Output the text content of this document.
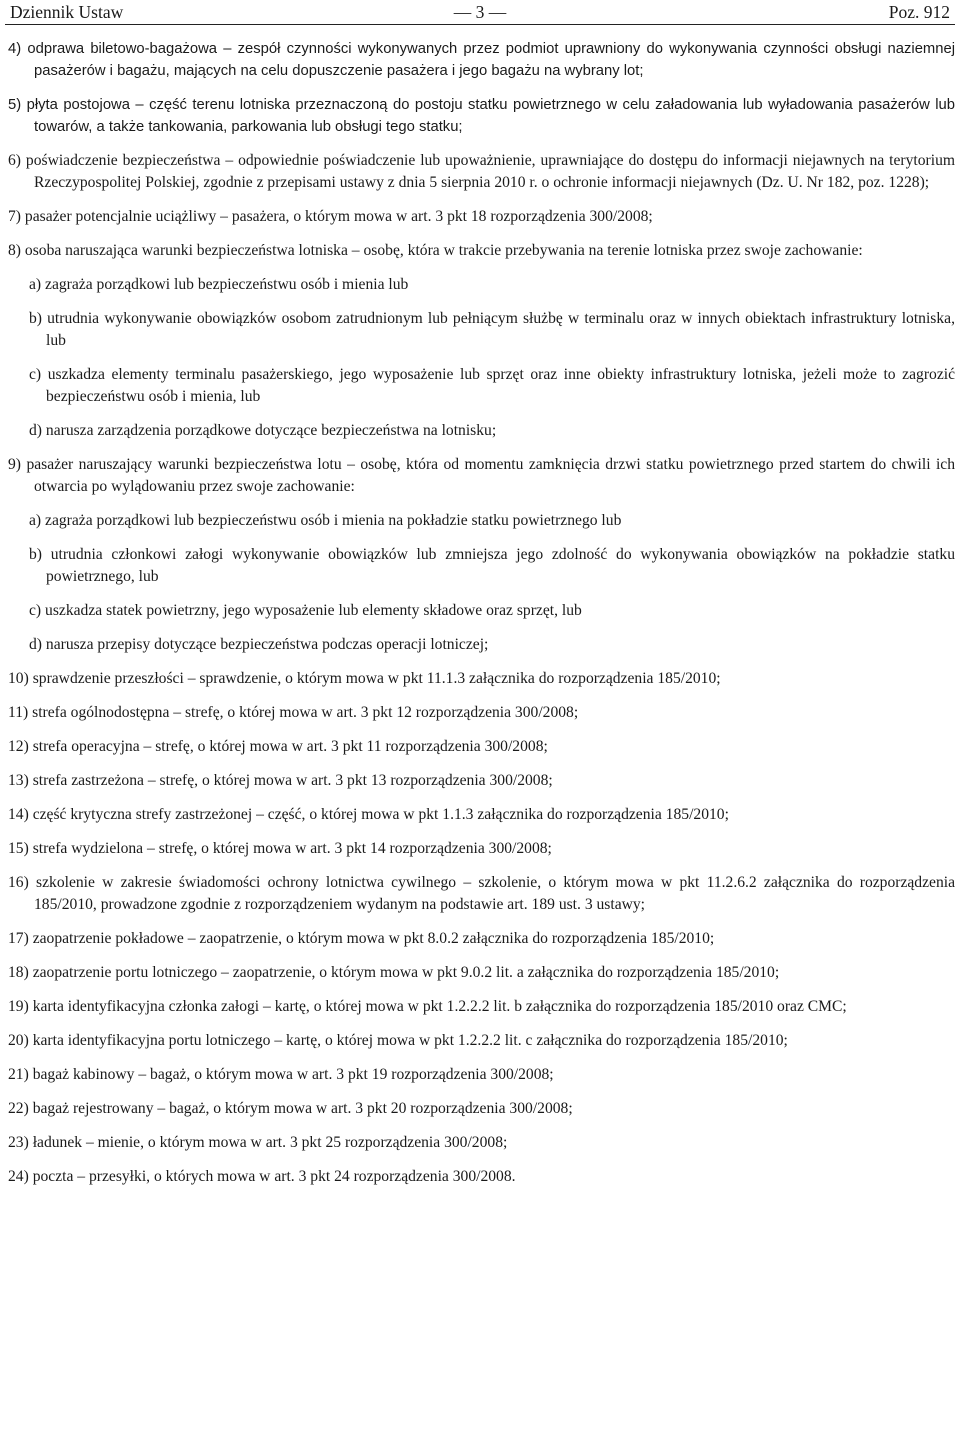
Dziennik Ustaw	— 3 —	Poz. 912

4) odprawa biletowo-bagażowa – zespół czynności wykonywanych przez podmiot uprawniony do wykonywania czynności obsługi naziemnej pasażerów i bagażu, mających na celu dopuszczenie pasażera i jego bagażu na wybrany lot;

5) płyta postojowa – część terenu lotniska przeznaczoną do postoju statku powietrznego w celu załadowania lub wyładowania pasażerów lub towarów, a także tankowania, parkowania lub obsługi tego statku;

6) poświadczenie bezpieczeństwa – odpowiednie poświadczenie lub upoważnienie, uprawniające do dostępu do informacji niejawnych na terytorium Rzeczypospolitej Polskiej, zgodnie z przepisami ustawy z dnia 5 sierpnia 2010 r. o ochronie informacji niejawnych (Dz. U. Nr 182, poz. 1228);

7) pasażer potencjalnie uciążliwy – pasażera, o którym mowa w art. 3 pkt 18 rozporządzenia 300/2008;

8) osoba naruszająca warunki bezpieczeństwa lotniska – osobę, która w trakcie przebywania na terenie lotniska przez swoje zachowanie:

a) zagraża porządkowi lub bezpieczeństwu osób i mienia lub

b) utrudnia wykonywanie obowiązków osobom zatrudnionym lub pełniącym służbę w terminalu oraz w innych obiektach infrastruktury lotniska, lub

c) uszkadza elementy terminalu pasażerskiego, jego wyposażenie lub sprzęt oraz inne obiekty infrastruktury lotniska, jeżeli może to zagrozić bezpieczeństwu osób i mienia, lub

d) narusza zarządzenia porządkowe dotyczące bezpieczeństwa na lotnisku;

9) pasażer naruszający warunki bezpieczeństwa lotu – osobę, która od momentu zamknięcia drzwi statku powietrznego przed startem do chwili ich otwarcia po wylądowaniu przez swoje zachowanie:

a) zagraża porządkowi lub bezpieczeństwu osób i mienia na pokładzie statku powietrznego lub

b) utrudnia członkowi załogi wykonywanie obowiązków lub zmniejsza jego zdolność do wykonywania obowiązków na pokładzie statku powietrznego, lub

c) uszkadza statek powietrzny, jego wyposażenie lub elementy składowe oraz sprzęt, lub

d) narusza przepisy dotyczące bezpieczeństwa podczas operacji lotniczej;

10) sprawdzenie przeszłości – sprawdzenie, o którym mowa w pkt 11.1.3 załącznika do rozporządzenia 185/2010;

11) strefa ogólnodostępna – strefę, o której mowa w art. 3 pkt 12 rozporządzenia 300/2008;

12) strefa operacyjna – strefę, o której mowa w art. 3 pkt 11 rozporządzenia 300/2008;

13) strefa zastrzeżona – strefę, o której mowa w art. 3 pkt 13 rozporządzenia 300/2008;

14) część krytyczna strefy zastrzeżonej – część, o której mowa w pkt 1.1.3 załącznika do rozporządzenia 185/2010;

15) strefa wydzielona – strefę, o której mowa w art. 3 pkt 14 rozporządzenia 300/2008;

16) szkolenie w zakresie świadomości ochrony lotnictwa cywilnego – szkolenie, o którym mowa w pkt 11.2.6.2 załącznika do rozporządzenia 185/2010, prowadzone zgodnie z rozporządzeniem wydanym na podstawie art. 189 ust. 3 ustawy;

17) zaopatrzenie pokładowe – zaopatrzenie, o którym mowa w pkt 8.0.2 załącznika do rozporządzenia 185/2010;

18) zaopatrzenie portu lotniczego – zaopatrzenie, o którym mowa w pkt 9.0.2 lit. a załącznika do rozporządzenia 185/2010;

19) karta identyfikacyjna członka załogi – kartę, o której mowa w pkt 1.2.2.2 lit. b załącznika do rozporządzenia 185/2010 oraz CMC;

20) karta identyfikacyjna portu lotniczego – kartę, o której mowa w pkt 1.2.2.2 lit. c załącznika do rozporządzenia 185/2010;

21) bagaż kabinowy – bagaż, o którym mowa w art. 3 pkt 19 rozporządzenia 300/2008;

22) bagaż rejestrowany – bagaż, o którym mowa w art. 3 pkt 20 rozporządzenia 300/2008;

23) ładunek – mienie, o którym mowa w art. 3 pkt 25 rozporządzenia 300/2008;

24) poczta – przesyłki, o których mowa w art. 3 pkt 24 rozporządzenia 300/2008.
